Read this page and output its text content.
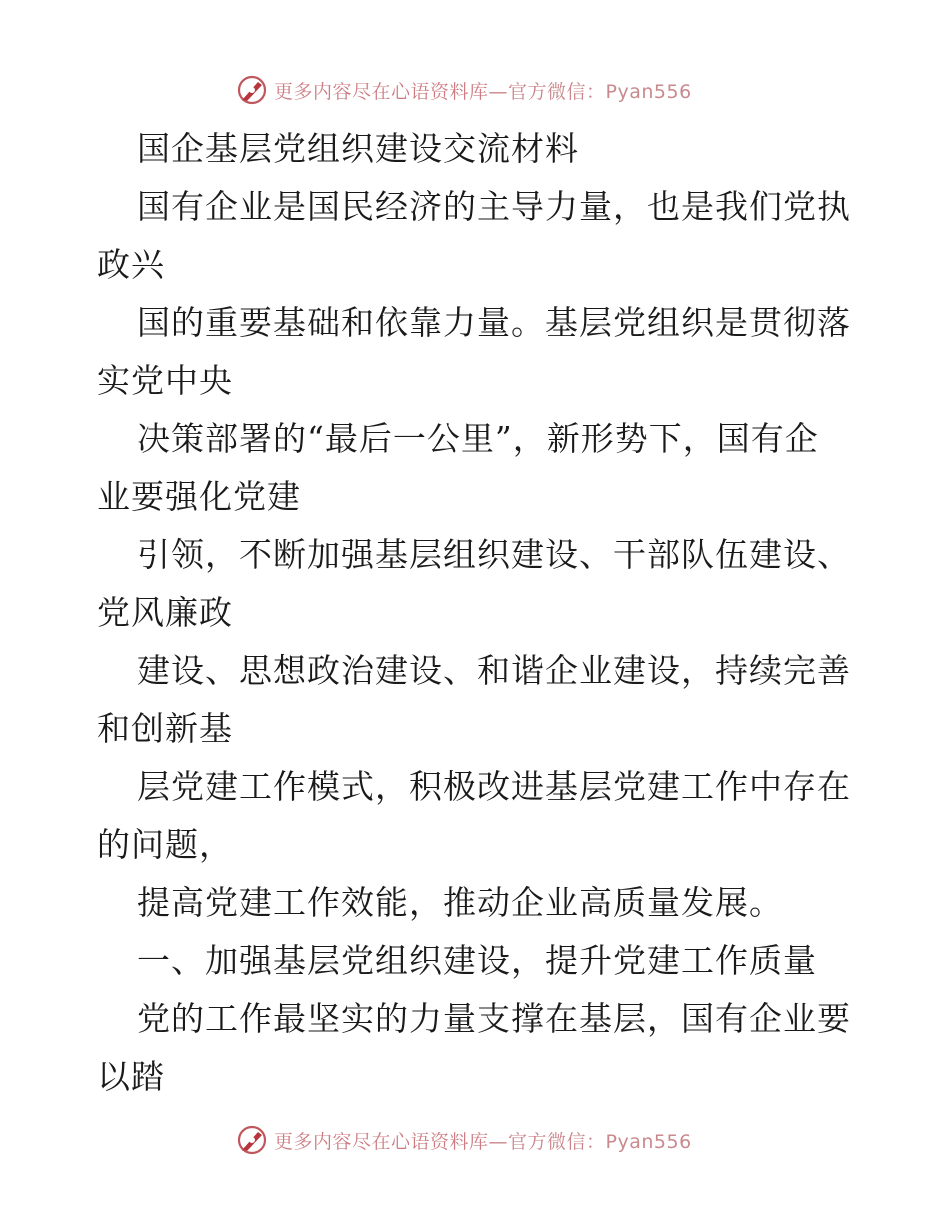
更多内容尽在心语资料库—官方微信：Pyan556
国企基层党组织建设交流材料
国有企业是国民经济的主导力量，也是我们党执
政兴
国的重要基础和依靠力量。基层党组织是贯彻落
实党中央
决策部署的“最后一公里”，新形势下，国有企
业要强化党建
引领，不断加强基层组织建设、干部队伍建设、
党风廉政
建设、思想政治建设、和谐企业建设，持续完善
和创新基
层党建工作模式，积极改进基层党建工作中存在
的问题，
提高党建工作效能，推动企业高质量发展。
一、加强基层党组织建设，提升党建工作质量
党的工作最坚实的力量支撑在基层，国有企业要
以踏
更多内容尽在心语资料库—官方微信：Pyan556
